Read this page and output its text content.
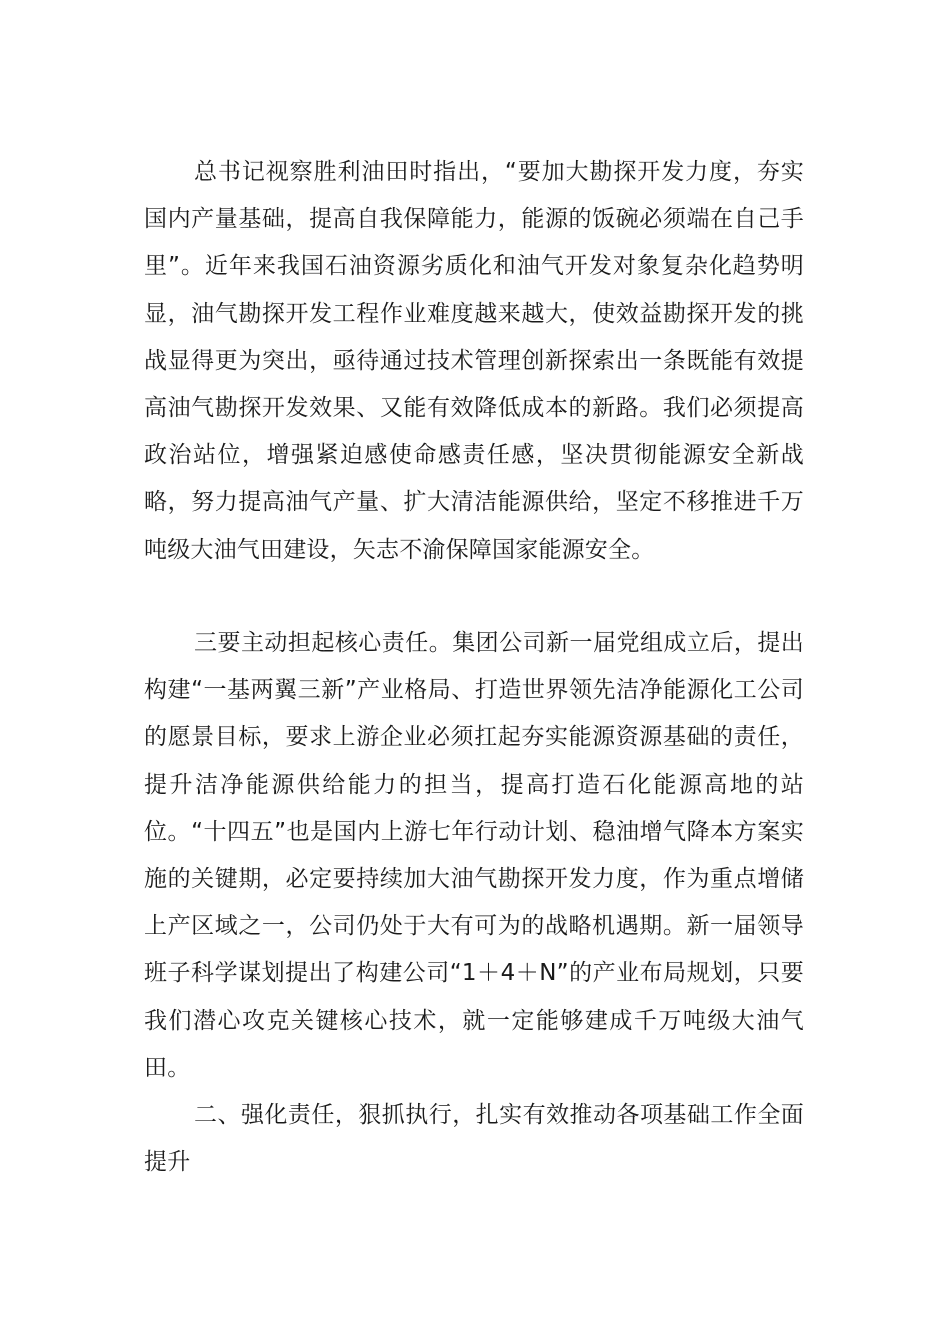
总书记视察胜利油田时指出，“要加大勘探开发力度，夯实国内产量基础，提高自我保障能力，能源的饭碗必须端在自己手里”。近年来我国石油资源劣质化和油气开发对象复杂化趋势明显，油气勘探开发工程作业难度越来越大，使效益勘探开发的挑战显得更为突出，亟待通过技术管理创新探索出一条既能有效提高油气勘探开发效果、又能有效降低成本的新路。我们必须提高政治站位，增强紧迫感使命感责任感，坚决贯彻能源安全新战略，努力提高油气产量、扩大清洁能源供给，坚定不移推进千万吨级大油气田建设，矢志不渝保障国家能源安全。

三要主动担起核心责任。集团公司新一届党组成立后，提出构建“一基两翼三新”产业格局、打造世界领先洁净能源化工公司的愿景目标，要求上游企业必须扛起夯实能源资源基础的责任，提升洁净能源供给能力的担当，提高打造石化能源高地的站位。“十四五”也是国内上游七年行动计划、稳油增气降本方案实施的关键期，必定要持续加大油气勘探开发力度，作为重点增储上产区域之一，公司仍处于大有可为的战略机遇期。新一届领导班子科学谋划提出了构建公司“1＋4＋N”的产业布局规划，只要我们潜心攻克关键核心技术，就一定能够建成千万吨级大油气田。

二、强化责任，狠抓执行，扎实有效推动各项基础工作全面提升
